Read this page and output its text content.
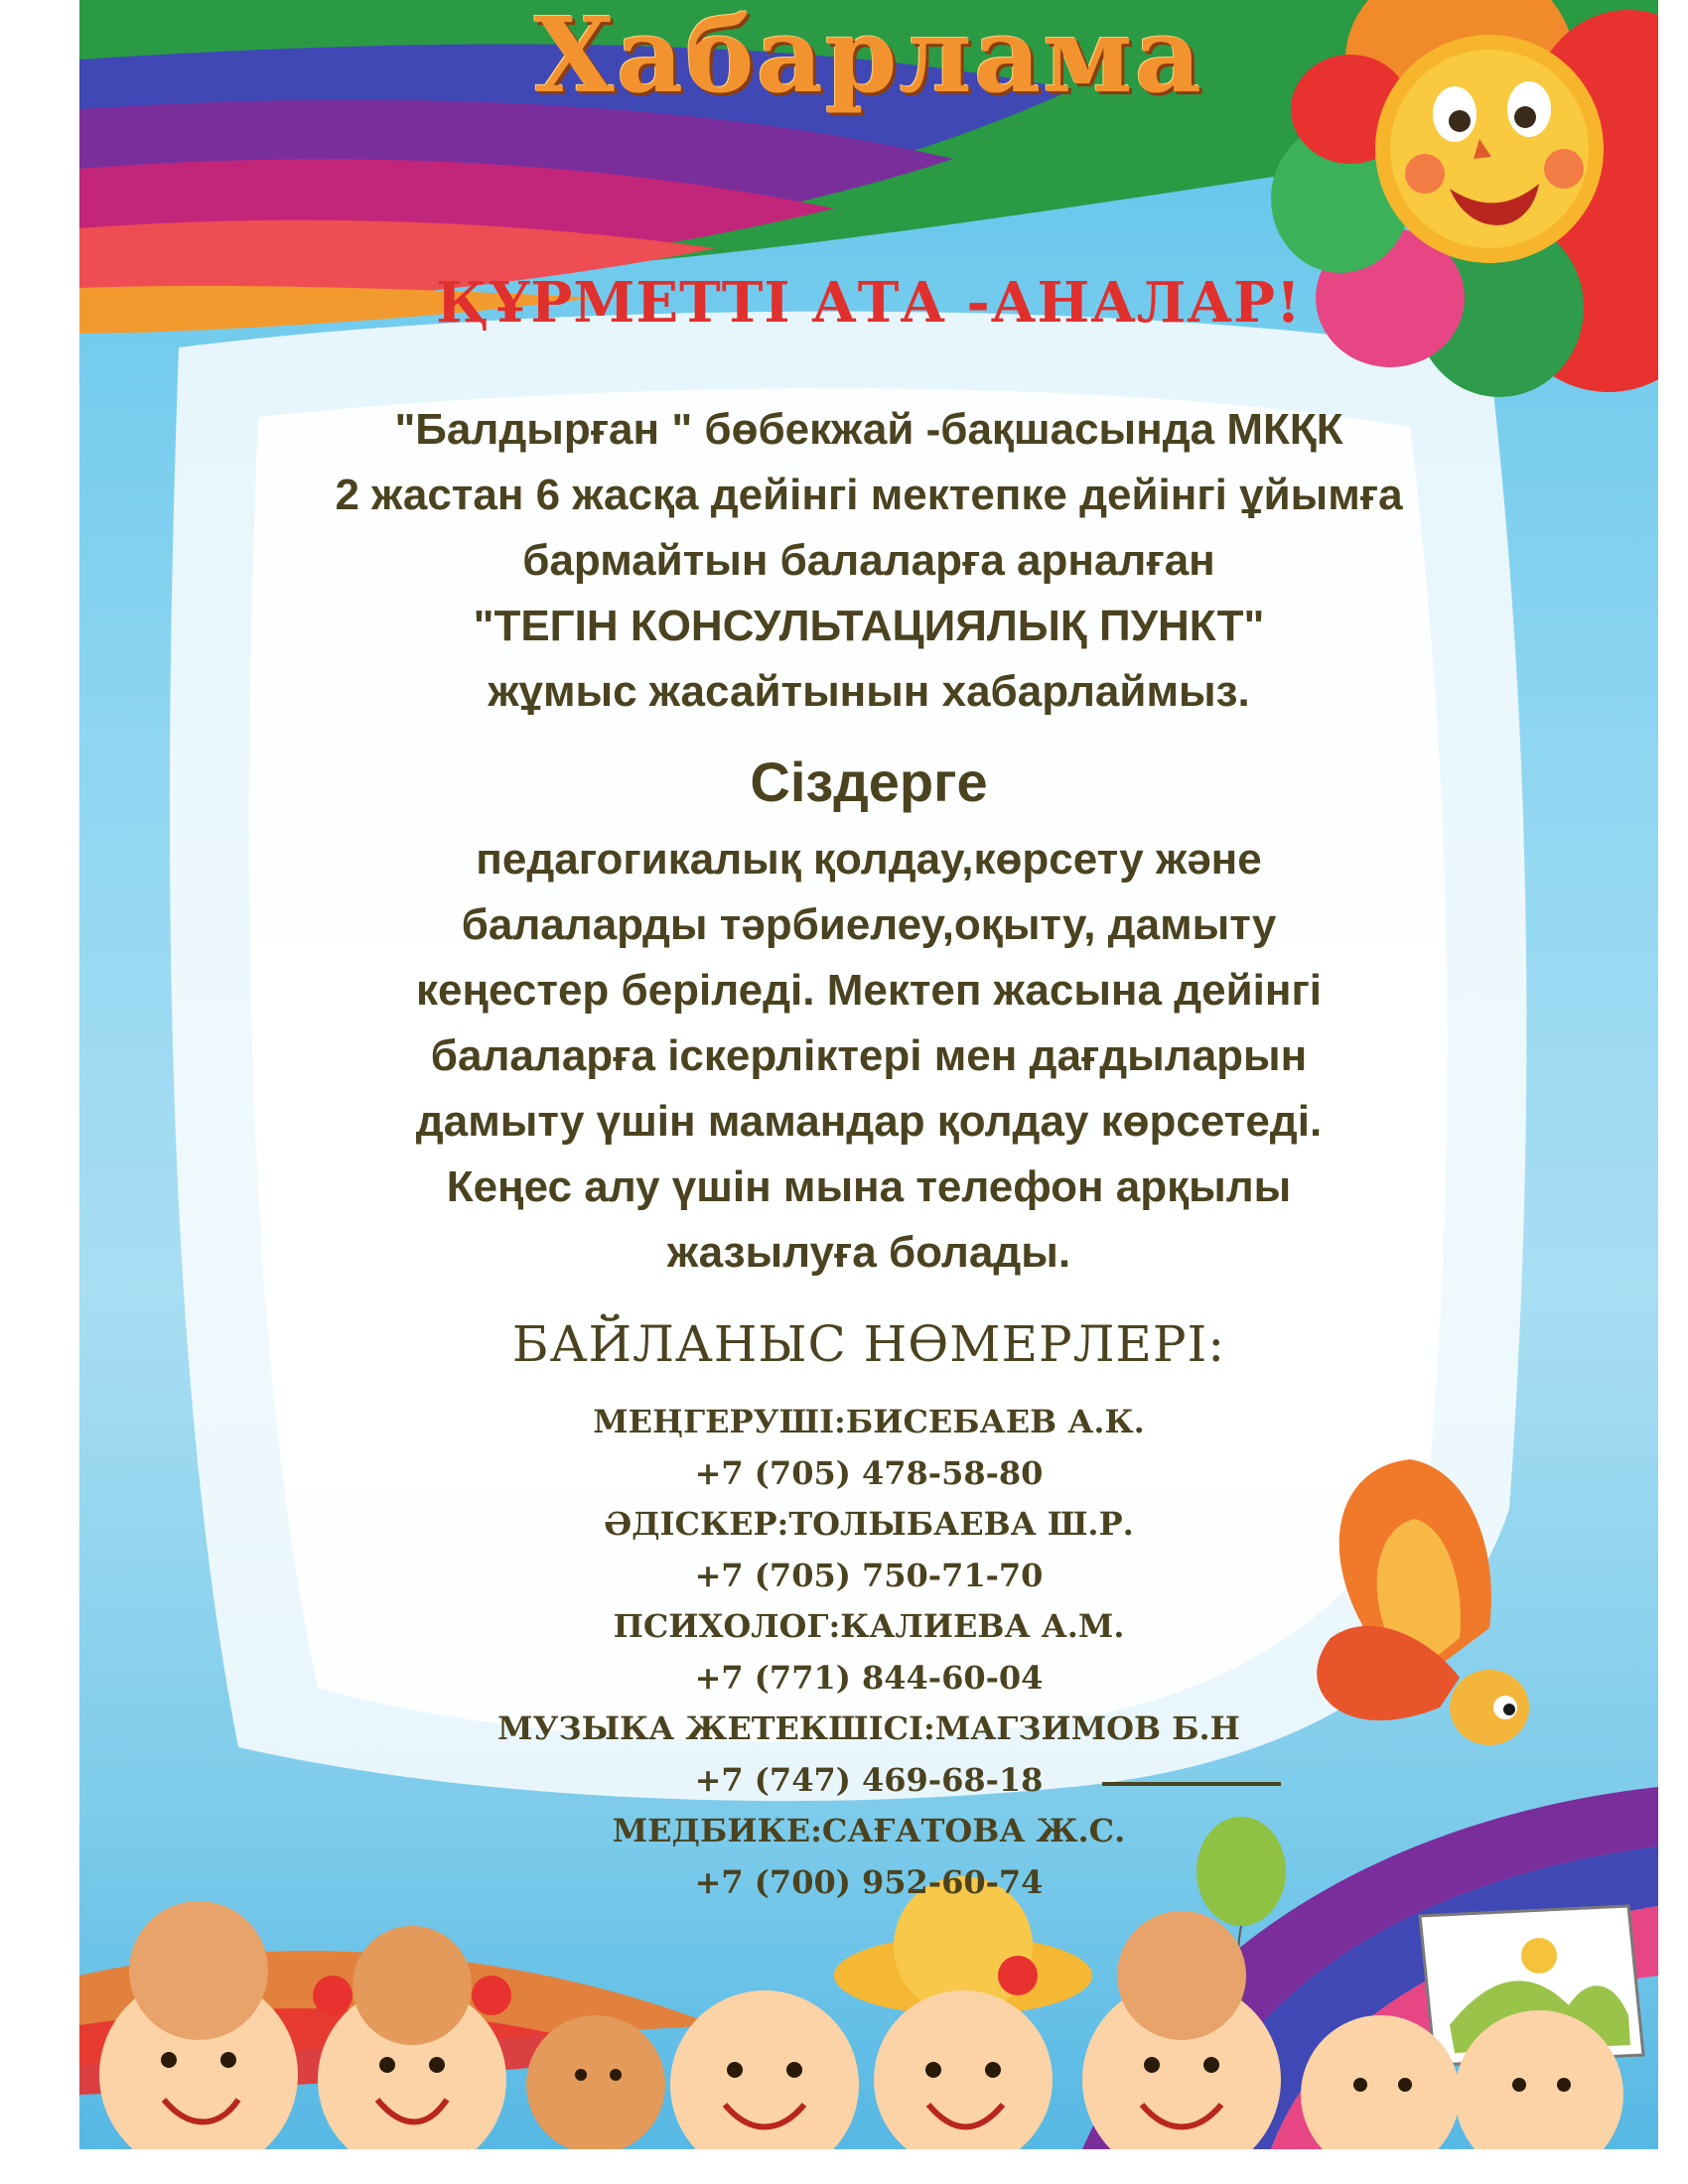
Хабарлама
ҚҰРМЕТТІ АТА -АНАЛАР!
"Балдырған " бөбекжай -бақшасында МКҚК
2 жастан 6 жасқа дейінгі мектепке дейінгі ұйымға
бармайтын балаларға арналған
"ТЕГІН КОНСУЛЬТАЦИЯЛЫҚ ПУНКТ"
жұмыс жасайтынын хабарлаймыз.
Сіздерге
педагогикалық қолдау,көрсету және
балаларды тәрбиелеу,оқыту, дамыту
кеңестер беріледі. Мектеп жасына дейінгі
балаларға іскерліктері мен дағдыларын
дамыту үшін мамандар қолдау көрсетеді.
Кеңес алу үшін мына телефон арқылы
жазылуға болады.
БАЙЛАНЫС НӨМЕРЛЕРІ:
МЕҢГЕРУШІ:БИСЕБАЕВ А.К.
+7 (705) 478-58-80
ӘДІСКЕР:ТОЛЫБАЕВА Ш.Р.
+7 (705) 750-71-70
ПСИХОЛОГ:КАЛИЕВА А.М.
+7 (771) 844-60-04
МУЗЫКА ЖЕТЕКШІСІ:МАГЗИМОВ Б.Н
+7 (747) 469-68-18
МЕДБИКЕ:САҒАТОВА Ж.С.
+7 (700) 952-60-74
